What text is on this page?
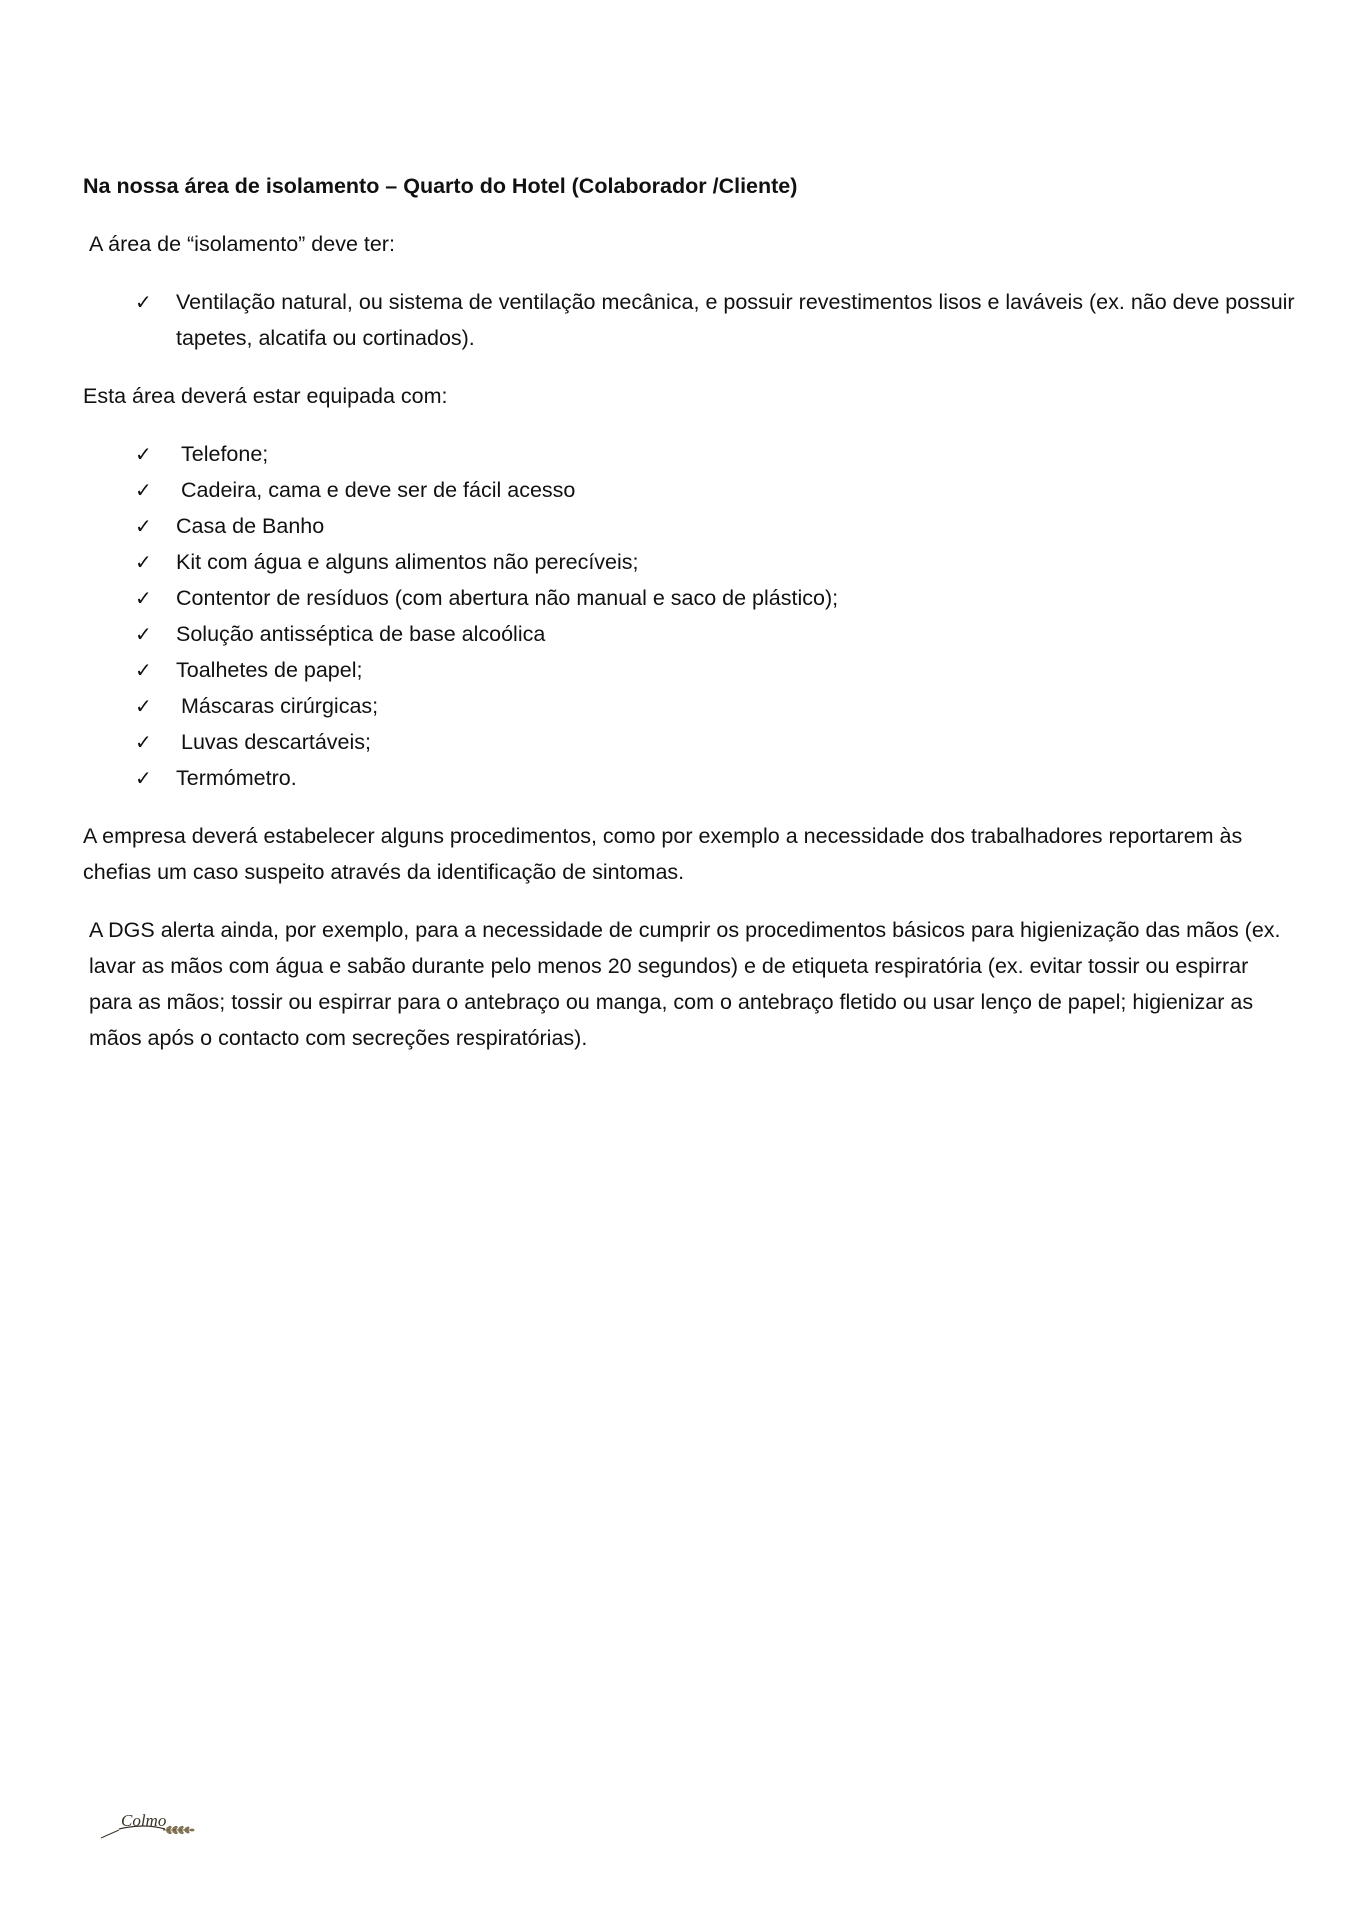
Na nossa área de isolamento – Quarto do Hotel (Colaborador /Cliente)
A área de “isolamento” deve ter:
✓ Ventilação natural, ou sistema de ventilação mecânica, e possuir revestimentos lisos e laváveis (ex. não deve possuir tapetes, alcatifa ou cortinados).
Esta área deverá estar equipada com:
✓ Telefone;
✓ Cadeira, cama e deve ser de fácil acesso
✓ Casa de Banho
✓ Kit com água e alguns alimentos não perecíveis;
✓ Contentor de resíduos (com abertura não manual e saco de plástico);
✓ Solução antisséptica de base alcoólica
✓ Toalhetes de papel;
✓ Máscaras cirúrgicas;
✓ Luvas descartáveis;
✓ Termómetro.
A empresa deverá estabelecer alguns procedimentos, como por exemplo a necessidade dos trabalhadores reportarem às chefias um caso suspeito através da identificação de sintomas.
A DGS alerta ainda, por exemplo, para a necessidade de cumprir os procedimentos básicos para higienização das mãos (ex. lavar as mãos com água e sabão durante pelo menos 20 segundos) e de etiqueta respiratória (ex. evitar tossir ou espirrar para as mãos; tossir ou espirrar para o antebraço ou manga, com o antebraço fletido ou usar lenço de papel; higienizar as mãos após o contacto com secreções respiratórias).
Colmo
